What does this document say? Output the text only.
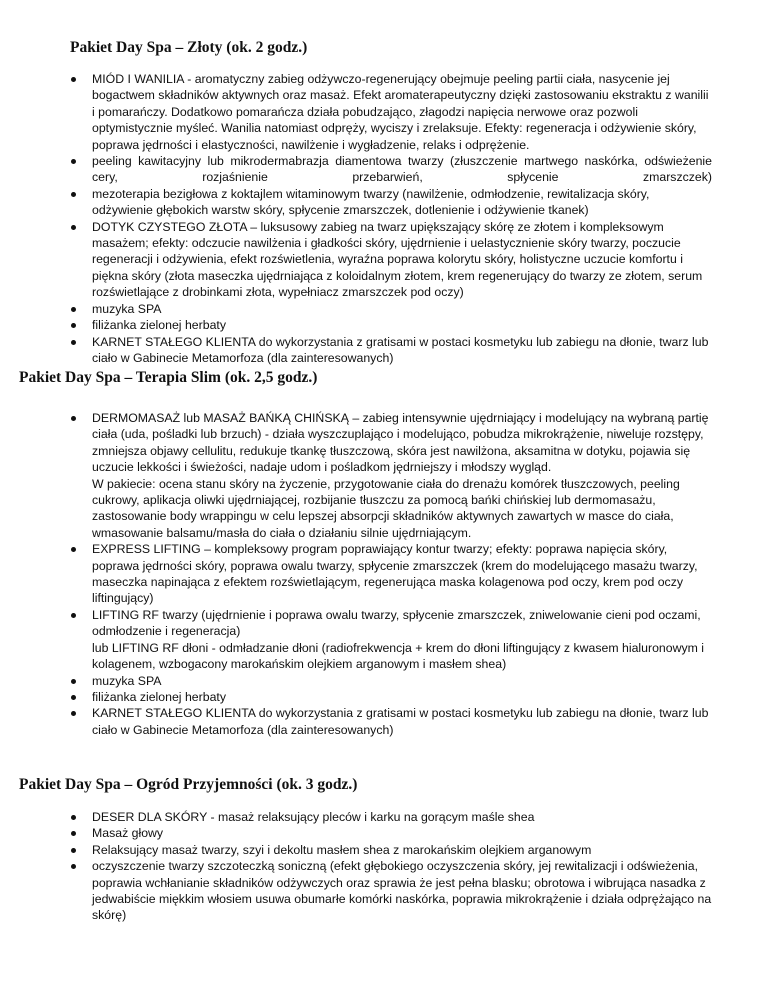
Pakiet Day Spa – Złoty (ok. 2 godz.)
MIÓD I WANILIA - aromatyczny zabieg odżywczo-regenerujący obejmuje peeling partii ciała, nasycenie jej bogactwem składników aktywnych oraz masaż. Efekt aromaterapeutyczny dzięki zastosowaniu ekstraktu z wanilii i pomarańczy. Dodatkowo pomarańcza działa pobudzająco, złagodzi napięcia nerwowe oraz pozwoli optymistycznie myśleć. Wanilia natomiast odpręży, wyciszy i zrelaksuje. Efekty: regeneracja i odżywienie skóry, poprawa jędrności i elastyczności, nawilżenie i wygładzenie, relaks i odprężenie.
peeling kawitacyjny lub mikrodermabrazja diamentowa twarzy (złuszczenie martwego naskórka, odświeżenie cery, rozjaśnienie przebarwień, spłycenie zmarszczek)
mezoterapia bezigłowa z koktajlem witaminowym twarzy (nawilżenie, odmłodzenie, rewitalizacja skóry, odżywienie głębokich warstw skóry, spłycenie zmarszczek, dotlenienie i odżywienie tkanek)
DOTYK CZYSTEGO ZŁOTA – luksusowy zabieg na twarz upiększający skórę ze złotem i kompleksowym masażem; efekty: odczucie nawilżenia i gładkości skóry, ujędrnienie i uelastycznienie skóry twarzy, poczucie regeneracji i odżywienia, efekt rozświetlenia, wyraźna poprawa kolorytu skóry, holistyczne uczucie komfortu i piękna skóry (złota maseczka ujędrniająca z koloidalnym złotem, krem regenerujący do twarzy ze złotem, serum rozświetlające z drobinkami złota, wypełniacz zmarszczek pod oczy)
muzyka SPA
filiżanka zielonej herbaty
KARNET STAŁEGO KLIENTA do wykorzystania z gratisami w postaci kosmetyku lub zabiegu na dłonie, twarz lub ciało w Gabinecie Metamorfoza (dla zainteresowanych)
Pakiet Day Spa – Terapia Slim (ok. 2,5 godz.)
DERMOMASAŻ lub MASAŻ BAŃKĄ CHIŃSKĄ – zabieg intensywnie ujędrniający i modelujący na wybraną partię ciała (uda, pośladki lub brzuch) - działa wyszczuplająco i modelująco, pobudza mikrokrążenie, niweluje rozstępy, zmniejsza objawy cellulitu, redukuje tkankę tłuszczową, skóra jest nawilżona, aksamitna w dotyku, pojawia się uczucie lekkości i świeżości, nadaje udom i pośladkom jędrniejszy i młodszy wygląd.
W pakiecie: ocena stanu skóry na życzenie, przygotowanie ciała do drenażu komórek tłuszczowych, peeling cukrowy, aplikacja oliwki ujędrniającej, rozbijanie tłuszczu za pomocą bańki chińskiej lub dermomasażu, zastosowanie body wrappingu w celu lepszej absorpcji składników aktywnych zawartych w masce do ciała, wmasowanie balsamu/masła do ciała o działaniu silnie ujędrniającym.
EXPRESS LIFTING – kompleksowy program poprawiający kontur twarzy; efekty: poprawa napięcia skóry, poprawa jędrności skóry, poprawa owalu twarzy, spłycenie zmarszczek (krem do modelującego masażu twarzy, maseczka napinająca z efektem rozświetlającym, regenerująca maska kolagenowa pod oczy, krem pod oczy liftingujący)
LIFTING RF twarzy (ujędrnienie i poprawa owalu twarzy, spłycenie zmarszczek, zniwelowanie cieni pod oczami, odmłodzenie i regeneracja)
lub LIFTING RF dłoni - odmładzanie dłoni (radiofrekwencja + krem do dłoni liftingujący z kwasem hialuronowym i kolagenem, wzbogacony marokańskim olejkiem arganowym i masłem shea)
muzyka SPA
filiżanka zielonej herbaty
KARNET STAŁEGO KLIENTA do wykorzystania z gratisami w postaci kosmetyku lub zabiegu na dłonie, twarz lub ciało w Gabinecie Metamorfoza (dla zainteresowanych)
Pakiet Day Spa – Ogród Przyjemności (ok. 3 godz.)
DESER DLA SKÓRY - masaż relaksujący pleców i karku na gorącym maśle shea
Masaż głowy
Relaksujący masaż twarzy, szyi i dekoltu masłem shea z marokańskim olejkiem arganowym
oczyszczenie twarzy szczoteczką soniczną (efekt głębokiego oczyszczenia skóry, jej rewitalizacji i odświeżenia, poprawia wchłanianie składników odżywczych oraz sprawia że jest pełna blasku; obrotowa i wibrująca nasadka z jedwabiście miękkim włosiem usuwa obumarłe komórki naskórka, poprawia mikrokrążenie i działa odprężająco na skórę)
